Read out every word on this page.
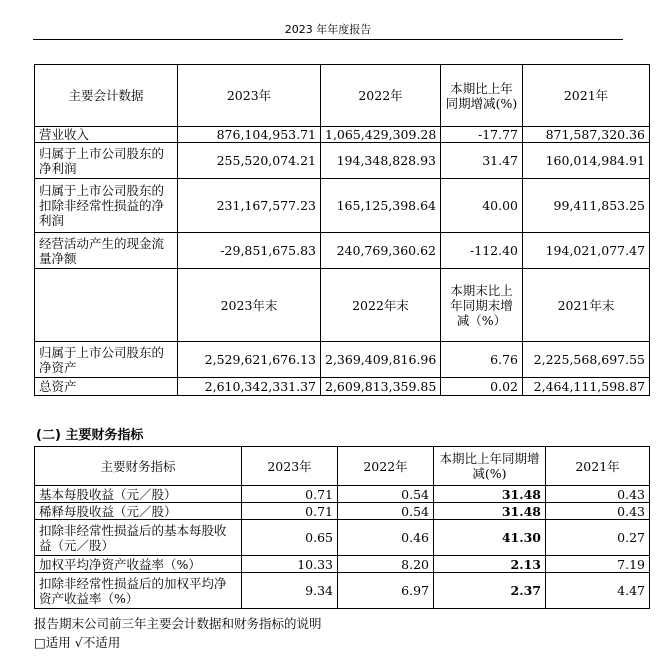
2023 年年度报告
主要会计数据	2023年	2022年	本期比上年同期增减(%)	2021年
营业收入	876,104,953.71	1,065,429,309.28	-17.77	871,587,320.36
归属于上市公司股东的净利润	255,520,074.21	194,348,828.93	31.47	160,014,984.91
归属于上市公司股东的扣除非经常性损益的净利润	231,167,577.23	165,125,398.64	40.00	99,411,853.25
经营活动产生的现金流量净额	-29,851,675.83	240,769,360.62	-112.40	194,021,077.47
	2023年末	2022年末	本期末比上年同期末增减（%）	2021年末
归属于上市公司股东的净资产	2,529,621,676.13	2,369,409,816.96	6.76	2,225,568,697.55
总资产	2,610,342,331.37	2,609,813,359.85	0.02	2,464,111,598.87
(二) 主要财务指标
主要财务指标	2023年	2022年	本期比上年同期增减(%)	2021年
基本每股收益（元／股）	0.71	0.54	31.48	0.43
稀释每股收益（元／股）	0.71	0.54	31.48	0.43
扣除非经常性损益后的基本每股收益（元／股）	0.65	0.46	41.30	0.27
加权平均净资产收益率（%）	10.33	8.20	2.13	7.19
扣除非经常性损益后的加权平均净资产收益率（%）	9.34	6.97	2.37	4.47
报告期末公司前三年主要会计数据和财务指标的说明
□适用 √不适用
